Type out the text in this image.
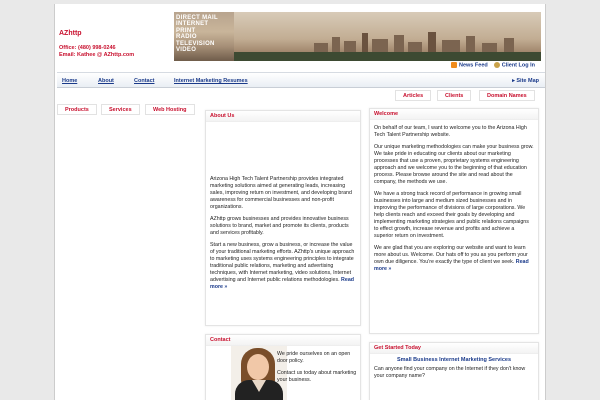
AZhttp
Office: (480) 998-0246
Email: Kathee @ AZhttp.com
DIRECT MAIL
INTERNET
PRINT
RADIO
TELEVISION
VIDEO
News Feed	Client Log In
Home	About	Contact	Internet Marketing Resumes	▸ Site Map
Articles	Clients	Domain Names
Products	Services	Web Hosting
About Us

Arizona High Tech Talent Partnership provides integrated marketing solutions aimed at generating leads, increasing sales, improving return on investment, and developing brand awareness for commercial businesses and non-profit organizations.

AZhttp grows businesses and provides innovative business solutions to brand, market and promote its clients, products and services profitably.

Start a new business, grow a business, or increase the value of your traditional marketing efforts. AZhttp's unique approach to marketing uses systems engineering principles to integrate traditional public relations, marketing and advertising techniques, with Internet marketing, video solutions, Internet advertising and Internet public relations methodologies. Read more »

Contact

We pride ourselves on an open door policy.

Contact us today about marketing your business.

Welcome

On behalf of our team, I want to welcome you to the Arizona High Tech Talent Partnership website.

Our unique marketing methodologies can make your business grow. We take pride in educating our clients about our marketing processes that use a proven, proprietary systems engineering approach and we welcome you to the beginning of that education process. Please browse around the site and read about the company, the methods we use.

We have a strong track record of performance in growing small businesses into large and medium sized businesses and in improving the performance of divisions of large corporations. We help clients reach and exceed their goals by developing and implementing marketing strategies and public relations campaigns to effect growth, increase revenue and profits and achieve a superior return on investment.

We are glad that you are exploring our website and want to learn more about us. Welcome. Our hats off to you as you perform your own due diligence. You're exactly the type of client we seek. Read more »

Get Started Today
Small Business Internet Marketing Services

Can anyone find your company on the Internet if they don't know your company name?
